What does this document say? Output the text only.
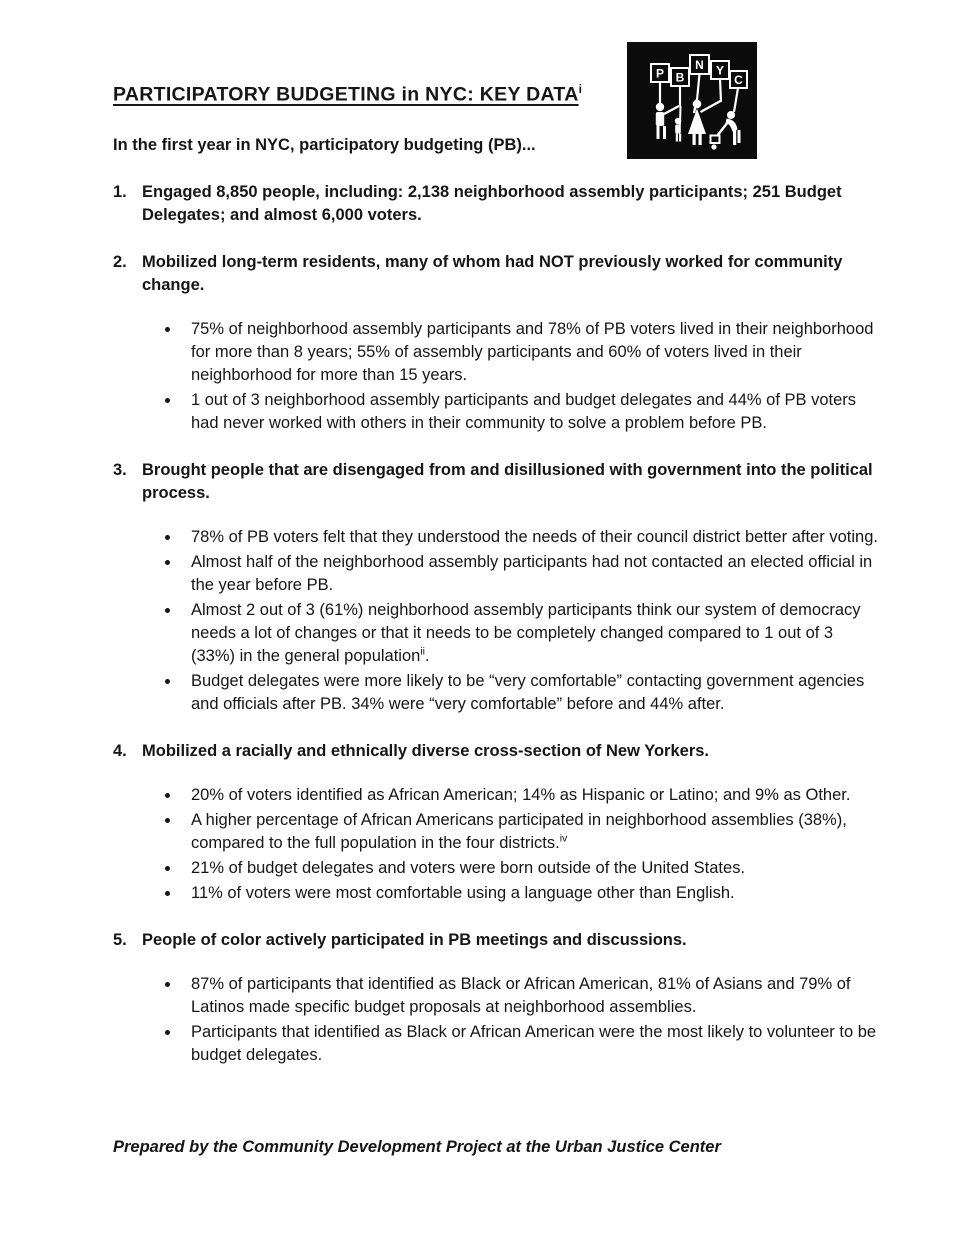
P B
N Y
C
PARTICIPATORY BUDGETING in NYC: KEY DATA$^i$
In the first year in NYC, participatory budgeting (PB)...
1. Engaged 8,850 people, including: 2,138 neighborhood assembly participants; 251 Budget Delegates; and almost 6,000 voters.
2. Mobilized long-term residents, many of whom had NOT previously worked for community change.
• 75% of neighborhood assembly participants and 78% of PB voters lived in their neighborhood for more than 8 years; 55% of assembly participants and 60% of voters lived in their neighborhood for more than 15 years.
• 1 out of 3 neighborhood assembly participants and budget delegates and 44% of PB voters had never worked with others in their community to solve a problem before PB.
3. Brought people that are disengaged from and disillusioned with government into the political process.
• 78% of PB voters felt that they understood the needs of their council district better after voting.
• Almost half of the neighborhood assembly participants had not contacted an elected official in the year before PB.
• Almost 2 out of 3 (61%) neighborhood assembly participants think our system of democracy needs a lot of changes or that it needs to be completely changed compared to 1 out of 3 (33%) in the general population$^{ii}$.
• Budget delegates were more likely to be “very comfortable” contacting government agencies and officials after PB. 34% were “very comfortable” before and 44% after.
4. Mobilized a racially and ethnically diverse cross-section of New Yorkers.
• 20% of voters identified as African American; 14% as Hispanic or Latino; and 9% as Other.
• A higher percentage of African Americans participated in neighborhood assemblies (38%), compared to the full population in the four districts.$^{iv}$
• 21% of budget delegates and voters were born outside of the United States.
• 11% of voters were most comfortable using a language other than English.
5. People of color actively participated in PB meetings and discussions.
• 87% of participants that identified as Black or African American, 81% of Asians and 79% of Latinos made specific budget proposals at neighborhood assemblies.
• Participants that identified as Black or African American were the most likely to volunteer to be budget delegates.
Prepared by the Community Development Project at the Urban Justice Center
